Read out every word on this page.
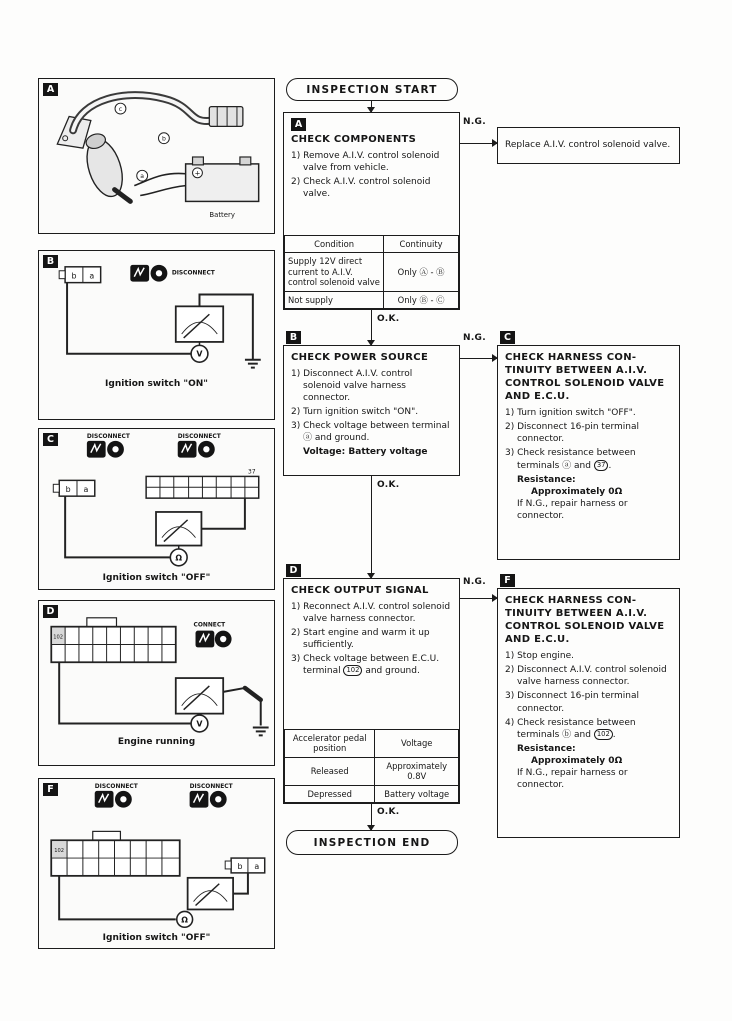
+
c
b
a
Battery
A
b a	DISCONNECT
V
B
Ignition switch "ON"
DISCONNECT	DISCONNECT
b a
37
Ω
C
Ignition switch "OFF"
102
CONNECT
V
D
Engine running
DISCONNECT	DISCONNECT
102
b a
Ω
F
Ignition switch "OFF"
INSPECTION START
A
CHECK COMPONENTS
1) Remove A.I.V. control solenoid valve from vehicle.
2) Check A.I.V. control solenoid valve.
Condition	Continuity
Supply 12V direct current to A.I.V. control solenoid valve	Only Ⓐ - Ⓑ
Not supply	Only Ⓑ - Ⓒ
N.G.
Replace A.I.V. control solenoid valve.
O.K.
B
CHECK POWER SOURCE
1) Disconnect A.I.V. control solenoid valve harness connector.
2) Turn ignition switch "ON".
3) Check voltage between terminal ⓐ and ground.
Voltage: Battery voltage
N.G.	C
CHECK HARNESS CON-
TINUITY BETWEEN A.I.V.
CONTROL SOLENOID VALVE
AND E.C.U.
1) Turn ignition switch "OFF".
2) Disconnect 16-pin terminal connector.
3) Check resistance between terminals ⓐ and 37 .
Resistance:
Approximately 0Ω
If N.G., repair harness or connector.
O.K.
D
CHECK OUTPUT SIGNAL
1) Reconnect A.I.V. control solenoid valve harness connector.
2) Start engine and warm it up sufficiently.
3) Check voltage between E.C.U. terminal 102 and ground.
Accelerator pedal position	Voltage
Released	Approximately 0.8V
Depressed	Battery voltage
N.G.	F
CHECK HARNESS CON-
TINUITY BETWEEN A.I.V.
CONTROL SOLENOID VALVE
AND E.C.U.
1) Stop engine.
2) Disconnect A.I.V. control solenoid valve harness connector.
3) Disconnect 16-pin terminal connector.
4) Check resistance between terminals ⓑ and 102 .
Resistance:
Approximately 0Ω
If N.G., repair harness or connector.
O.K.
INSPECTION END
